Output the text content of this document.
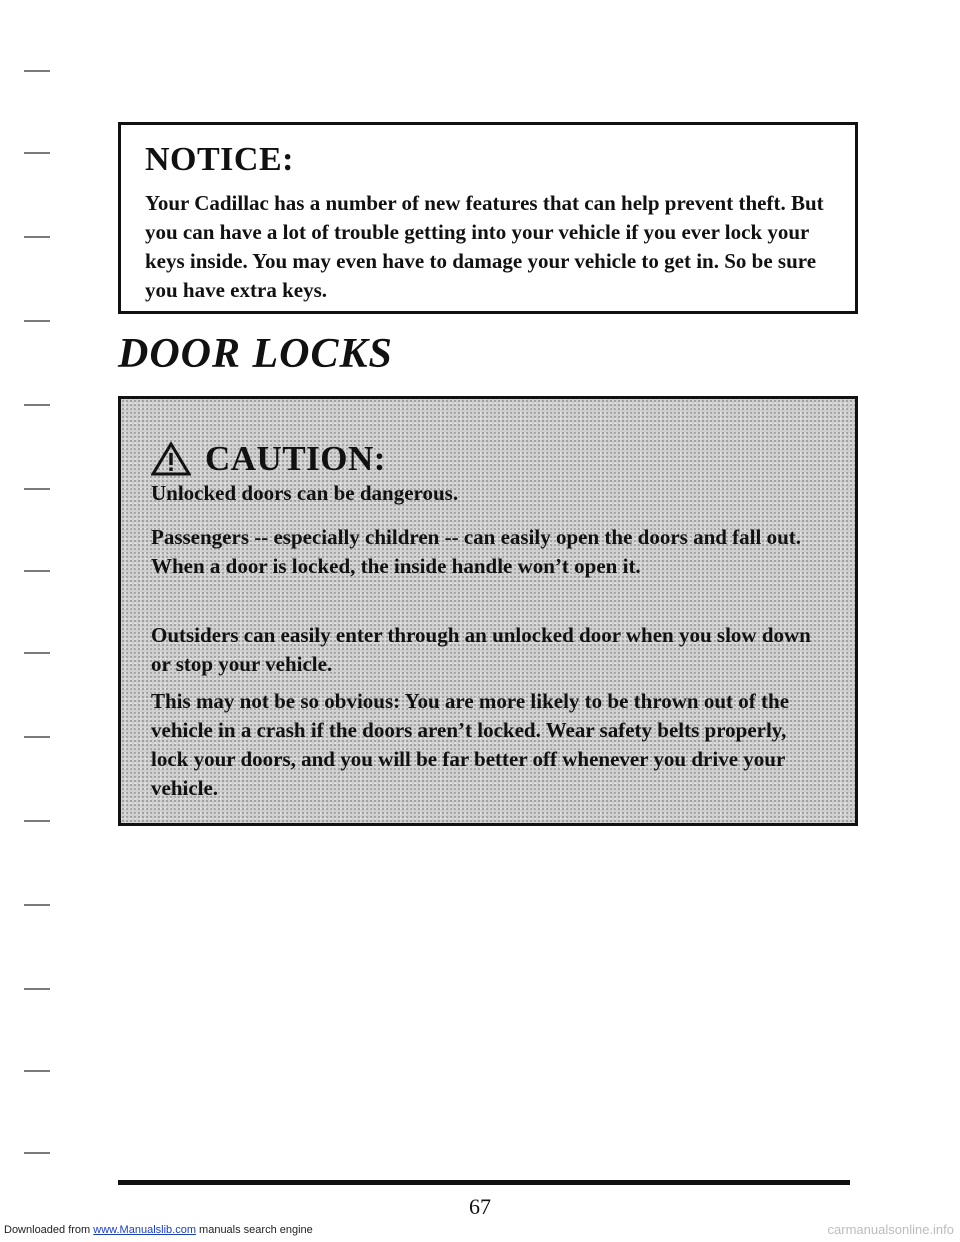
NOTICE:

Your Cadillac has a number of new features that can help prevent theft. But you can have a lot of trouble getting into your vehicle if you ever lock your keys inside. You may even have to damage your vehicle to get in. So be sure you have extra keys.

DOOR LOCKS
CAUTION:

Unlocked doors can be dangerous.

Passengers -- especially children -- can easily open the doors and fall out. When a door is locked, the inside handle won’t open it.

Outsiders can easily enter through an unlocked door when you slow down or stop your vehicle.

This may not be so obvious: You are more likely to be thrown out of the vehicle in a crash if the doors aren’t locked. Wear safety belts properly, lock your doors, and you will be far better off whenever you drive your vehicle.

67

Downloaded from www.Manualslib.com manuals search engine	carmanualsonline.info
